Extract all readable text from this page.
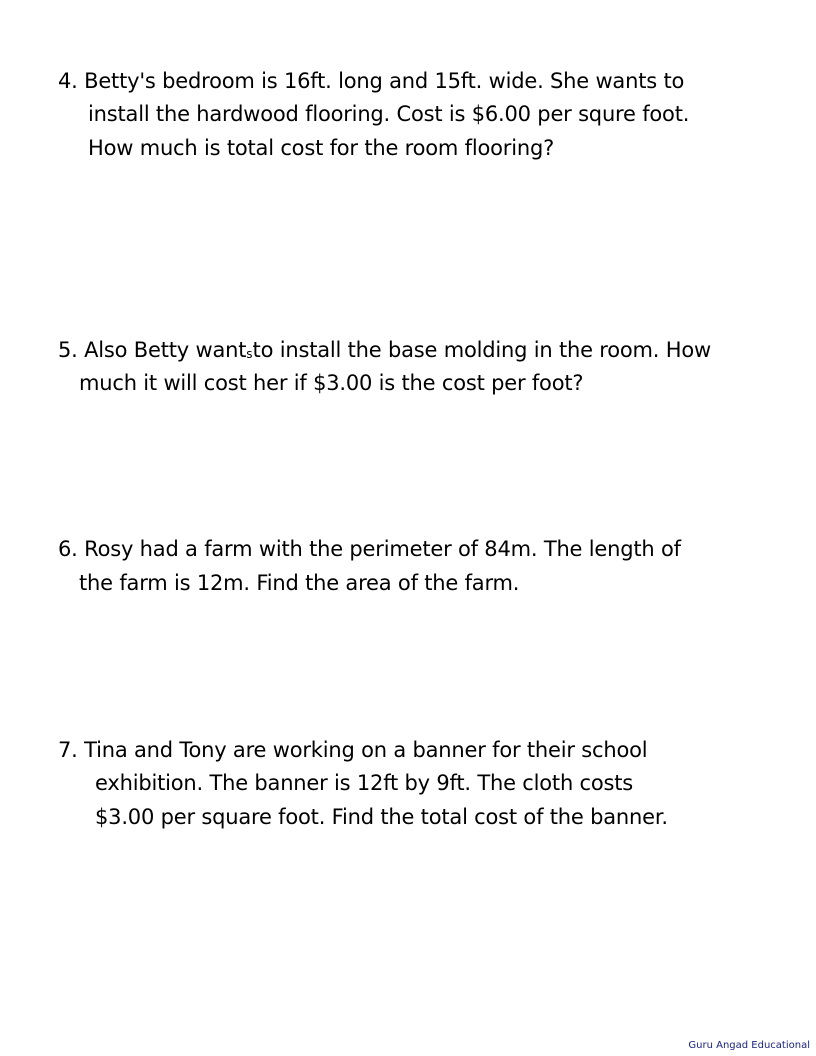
4. Betty's bedroom is 16ft. long and 15ft. wide. She wants to

install the hardwood flooring. Cost is $6.00 per squre foot.

How much is total cost for the room flooring?

5. Also Betty wantsto install the base molding in the room. How

much it will cost her if $3.00 is the cost per foot?

6. Rosy had a farm with the perimeter of 84m. The length of

the farm is 12m. Find the area of the farm.

7. Tina and Tony are working on a banner for their school

exhibition. The banner is 12ft by 9ft. The cloth costs

$3.00 per square foot. Find the total cost of the banner.

Guru Angad Educational
